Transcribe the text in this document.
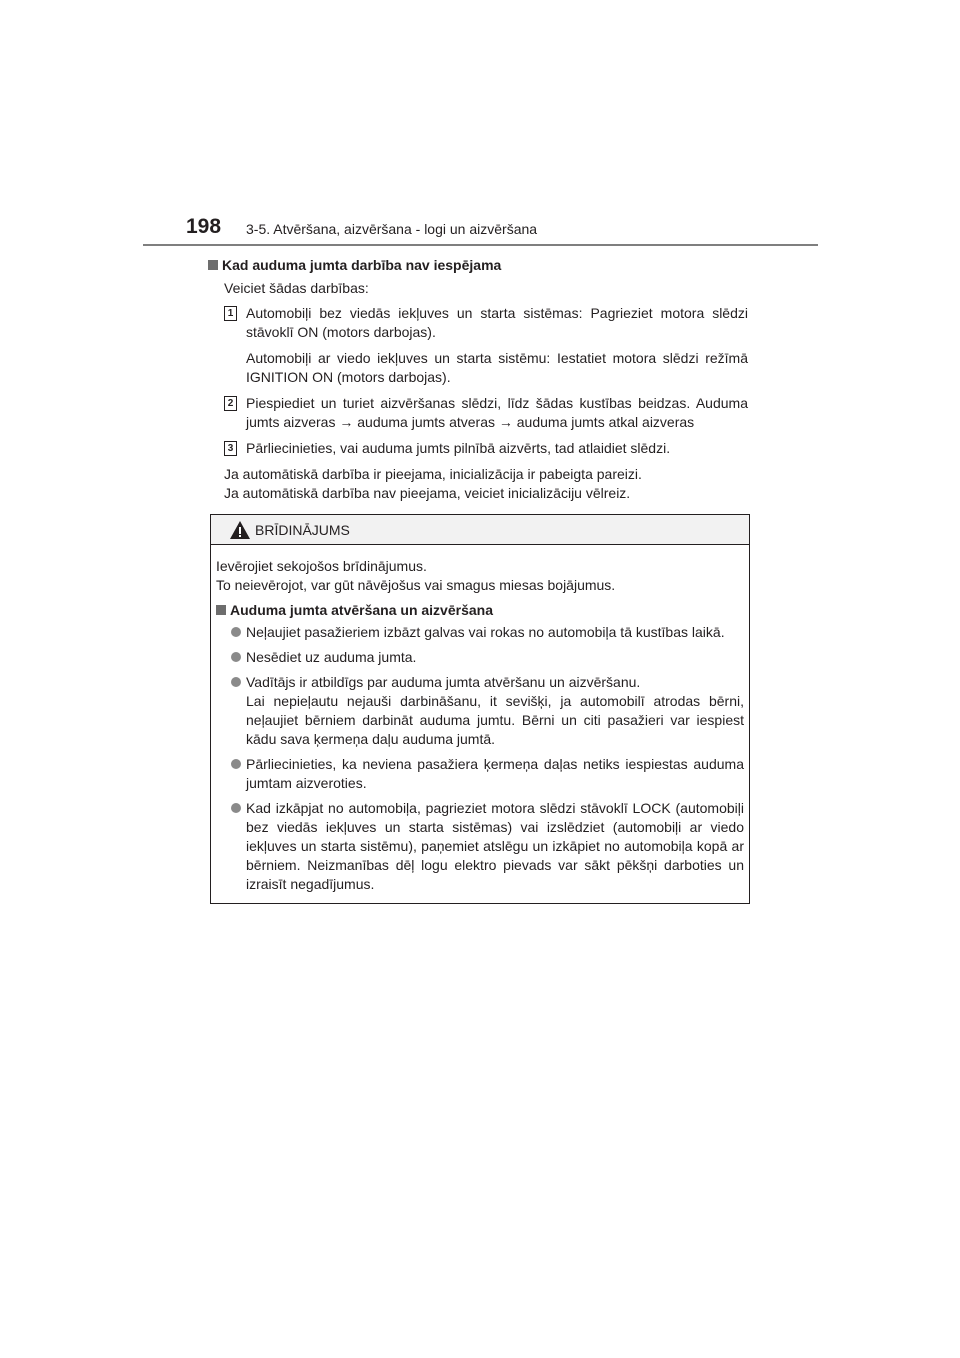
198 3-5. Atvēršana, aizvēršana - logi un aizvēršana
Kad auduma jumta darbība nav iespējama
Veiciet šādas darbības:
1 Automobiļi bez viedās iekļuves un starta sistēmas: Pagrieziet motora slēdzi stāvoklī ON (motors darbojas).
Automobiļi ar viedo iekļuves un starta sistēmu: Iestatiet motora slēdzi režīmā IGNITION ON (motors darbojas).
2 Piespiediet un turiet aizvēršanas slēdzi, līdz šādas kustības beidzas. Auduma jumts aizveras → auduma jumts atveras → auduma jumts atkal aizveras
3 Pārliecinieties, vai auduma jumts pilnībā aizvērts, tad atlaidiet slēdzi.
Ja automātiskā darbība ir pieejama, inicializācija ir pabeigta pareizi.
Ja automātiskā darbība nav pieejama, veiciet inicializāciju vēlreiz.
BRĪDINĀJUMS
Ievērojiet sekojošos brīdinājumus.
To neievērojot, var gūt nāvējošus vai smagus miesas bojājumus.
Auduma jumta atvēršana un aizvēršana
Neļaujiet pasažieriem izbāzt galvas vai rokas no automobiļa tā kustības laikā.
Nesēdiet uz auduma jumta.
Vadītājs ir atbildīgs par auduma jumta atvēršanu un aizvēršanu.
Lai nepieļautu nejauši darbināšanu, it sevišķi, ja automobilī atrodas bērni, neļaujiet bērniem darbināt auduma jumtu. Bērni un citi pasažieri var iespiest kādu sava ķermeņa daļu auduma jumtā.
Pārliecinieties, ka neviena pasažiera ķermeņa daļas netiks iespiestas auduma jumtam aizveroties.
Kad izkāpjat no automobiļa, pagrieziet motora slēdzi stāvoklī LOCK (automobiļi bez viedās iekļuves un starta sistēmas) vai izslēdziet (automobiļi ar viedo iekļuves un starta sistēmu), paņemiet atslēgu un izkāpiet no automobiļa kopā ar bērniem. Neizmanības dēļ logu elektro pievads var sākt pēkšņi darboties un izraisīt negadījumus.
